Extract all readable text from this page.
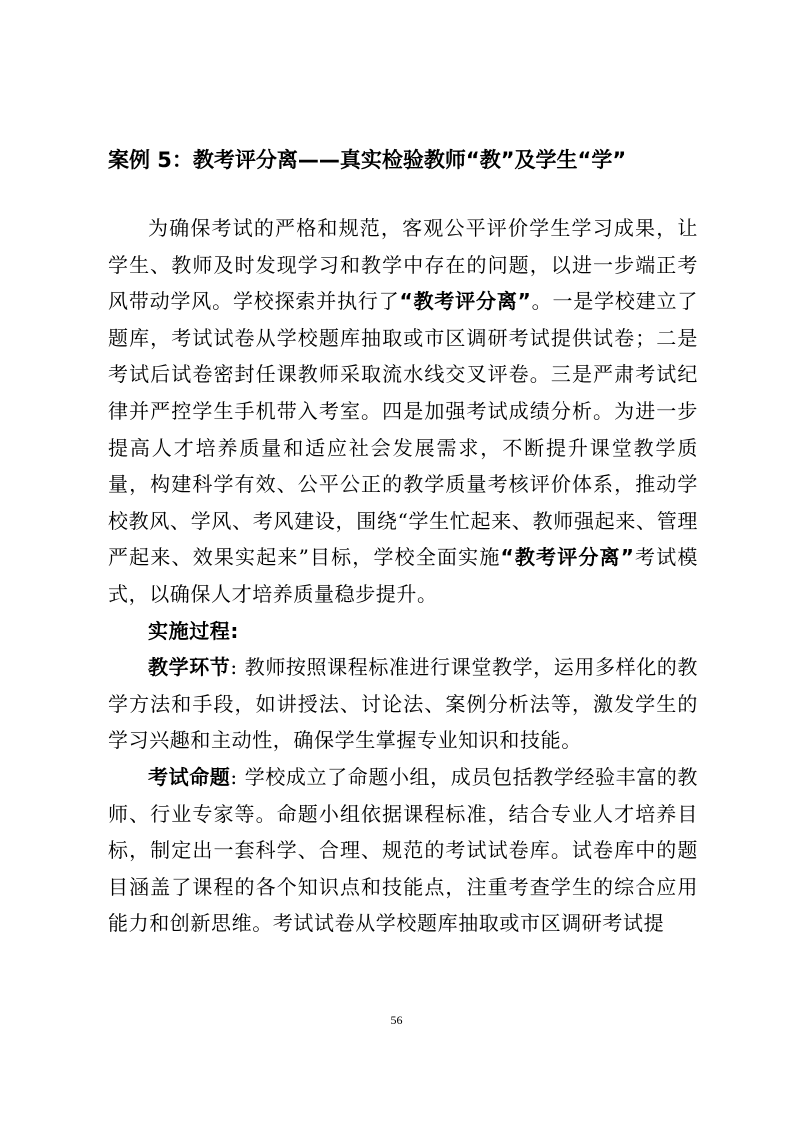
案例 5：教考评分离——真实检验教师“教”及学生“学”

为确保考试的严格和规范，客观公平评价学生学习成果，让学生、教师及时发现学习和教学中存在的问题，以进一步端正考风带动学风。学校探索并执行了“教考评分离”。一是学校建立了题库，考试试卷从学校题库抽取或市区调研考试提供试卷；二是考试后试卷密封任课教师采取流水线交叉评卷。三是严肃考试纪律并严控学生手机带入考室。四是加强考试成绩分析。为进一步提高人才培养质量和适应社会发展需求，不断提升课堂教学质量，构建科学有效、公平公正的教学质量考核评价体系，推动学校教风、学风、考风建设，围绕“学生忙起来、教师强起来、管理严起来、效果实起来”目标，学校全面实施“教考评分离”考试模式，以确保人才培养质量稳步提升。

实施过程:

教学环节: 教师按照课程标准进行课堂教学，运用多样化的教学方法和手段，如讲授法、讨论法、案例分析法等，激发学生的学习兴趣和主动性，确保学生掌握专业知识和技能。

考试命题: 学校成立了命题小组，成员包括教学经验丰富的教师、行业专家等。命题小组依据课程标准，结合专业人才培养目标，制定出一套科学、合理、规范的考试试卷库。试卷库中的题目涵盖了课程的各个知识点和技能点，注重考查学生的综合应用能力和创新思维。考试试卷从学校题库抽取或市区调研考试提

56
